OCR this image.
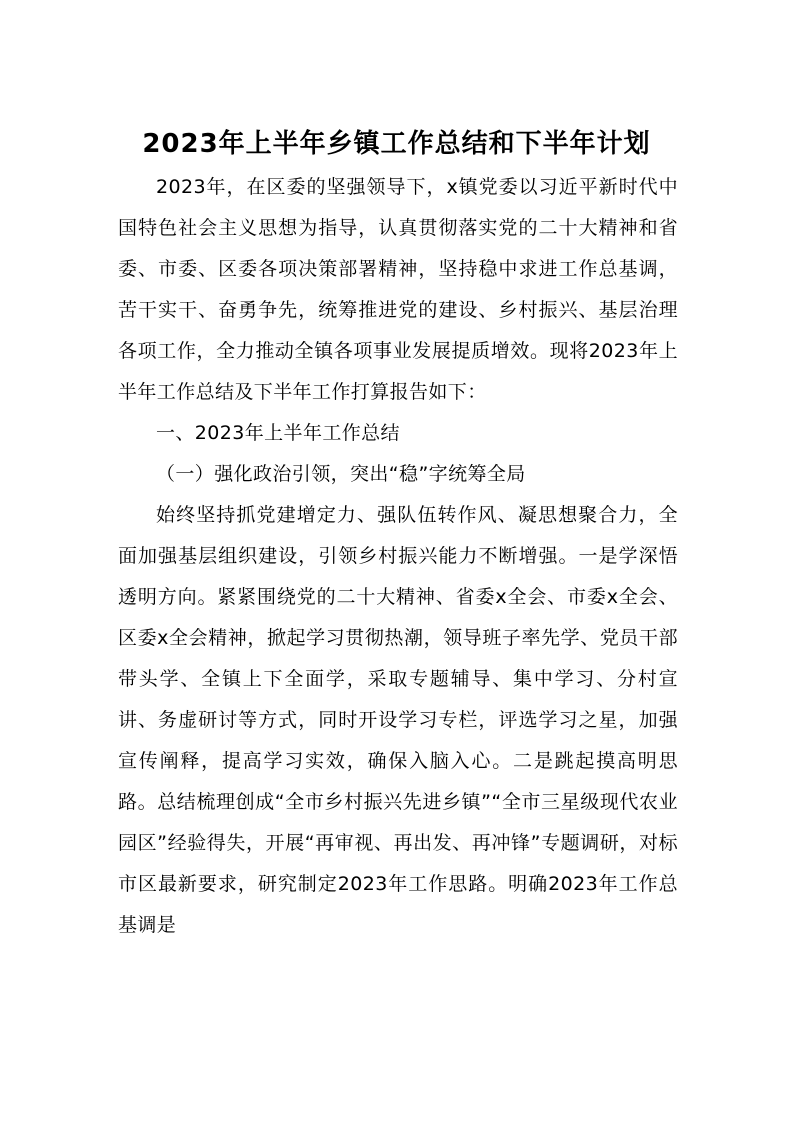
2023年上半年乡镇工作总结和下半年计划

2023年，在区委的坚强领导下，x镇党委以习近平新时代中国特色社会主义思想为指导，认真贯彻落实党的二十大精神和省委、市委、区委各项决策部署精神，坚持稳中求进工作总基调，苦干实干、奋勇争先，统筹推进党的建设、乡村振兴、基层治理各项工作，全力推动全镇各项事业发展提质增效。现将2023年上半年工作总结及下半年工作打算报告如下：

一、2023年上半年工作总结

（一）强化政治引领，突出“稳”字统筹全局

始终坚持抓党建增定力、强队伍转作风、凝思想聚合力，全面加强基层组织建设，引领乡村振兴能力不断增强。一是学深悟透明方向。紧紧围绕党的二十大精神、省委x全会、市委x全会、区委x全会精神，掀起学习贯彻热潮，领导班子率先学、党员干部带头学、全镇上下全面学，采取专题辅导、集中学习、分村宣讲、务虚研讨等方式，同时开设学习专栏，评选学习之星，加强宣传阐释，提高学习实效，确保入脑入心。二是跳起摸高明思路。总结梳理创成“全市乡村振兴先进乡镇”“全市三星级现代农业园区”经验得失，开展“再审视、再出发、再冲锋”专题调研，对标市区最新要求，研究制定2023年工作思路。明确2023年工作总基调是
